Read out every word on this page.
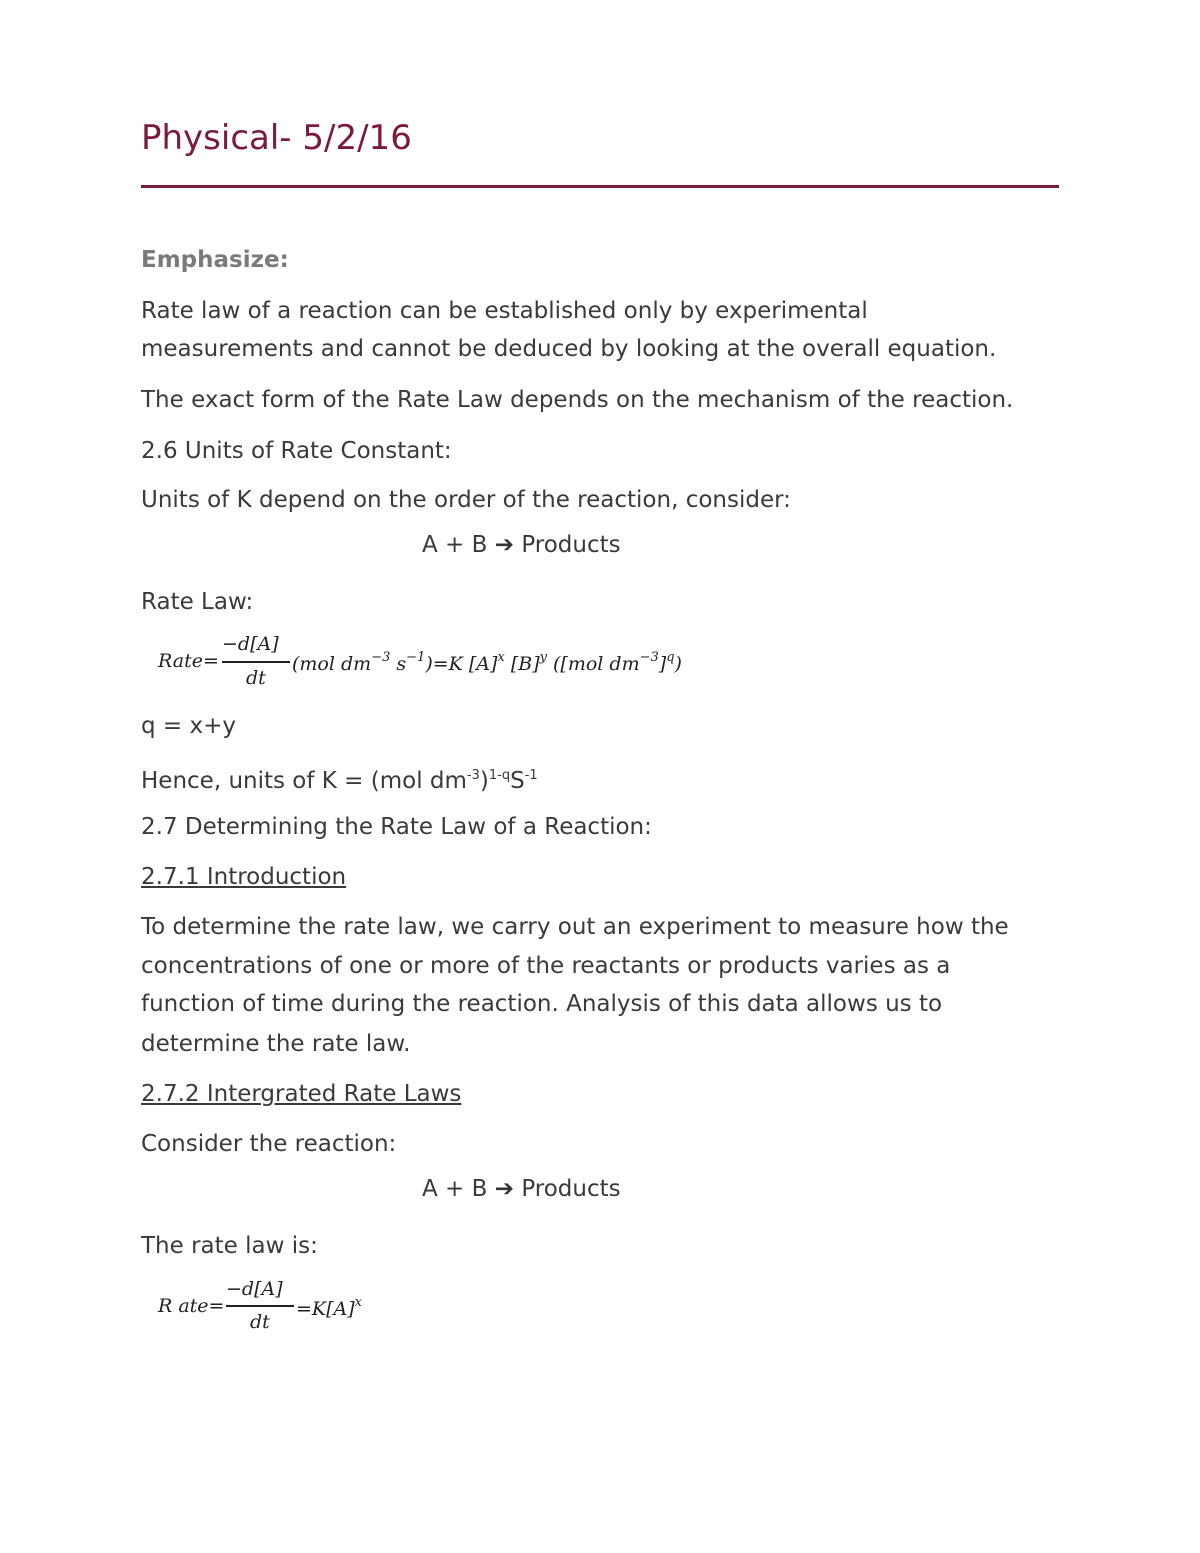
Physical- 5/2/16
Emphasize:
Rate law of a reaction can be established only by experimental
measurements and cannot be deduced by looking at the overall equation.
The exact form of the Rate Law depends on the mechanism of the reaction.
2.6 Units of Rate Constant:
Units of K depend on the order of the reaction, consider:
A + B ➔ Products
Rate Law:
Rate=
−d[A]
dt
(mol $dm^{-3}$ $s^{-1})=K$ $[A]^x$ $[B]^y$ ([mol $dm^{-3}]^q$)
q = x+y
Hence, units of K = (mol $dm^{-3})^{1-q}S^{-1}$
2.7 Determining the Rate Law of a Reaction:
2.7.1 Introduction
To determine the rate law, we carry out an experiment to measure how the
concentrations of one or more of the reactants or products varies as a
function of time during the reaction. Analysis of this data allows us to
determine the rate law.
2.7.2 Intergrated Rate Laws
Consider the reaction:
A + B ➔ Products
The rate law is:
R ate=
−d[A]
dt
$=K[A]^x$
